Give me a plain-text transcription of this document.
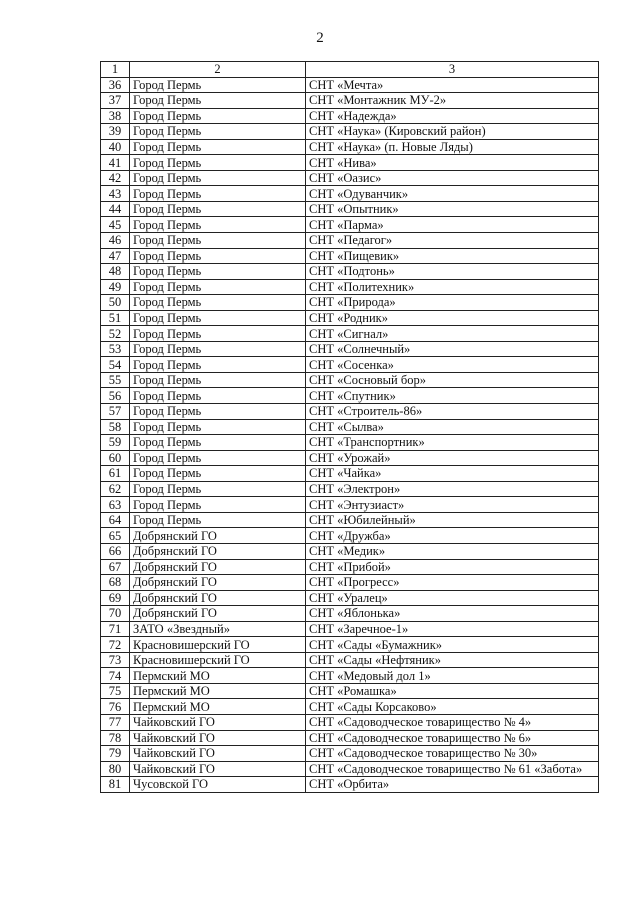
2
1	2	3
36	Город Пермь	СНТ «Мечта»
37	Город Пермь	СНТ «Монтажник МУ-2»
38	Город Пермь	СНТ «Надежда»
39	Город Пермь	СНТ «Наука» (Кировский район)
40	Город Пермь	СНТ «Наука» (п. Новые Ляды)
41	Город Пермь	СНТ «Нива»
42	Город Пермь	СНТ «Оазис»
43	Город Пермь	СНТ «Одуванчик»
44	Город Пермь	СНТ «Опытник»
45	Город Пермь	СНТ «Парма»
46	Город Пермь	СНТ «Педагог»
47	Город Пермь	СНТ «Пищевик»
48	Город Пермь	СНТ «Подтонь»
49	Город Пермь	СНТ «Политехник»
50	Город Пермь	СНТ «Природа»
51	Город Пермь	СНТ «Родник»
52	Город Пермь	СНТ «Сигнал»
53	Город Пермь	СНТ «Солнечный»
54	Город Пермь	СНТ «Сосенка»
55	Город Пермь	СНТ «Сосновый бор»
56	Город Пермь	СНТ «Спутник»
57	Город Пермь	СНТ «Строитель-86»
58	Город Пермь	СНТ «Сылва»
59	Город Пермь	СНТ «Транспортник»
60	Город Пермь	СНТ «Урожай»
61	Город Пермь	СНТ «Чайка»
62	Город Пермь	СНТ «Электрон»
63	Город Пермь	СНТ «Энтузиаст»
64	Город Пермь	СНТ «Юбилейный»
65	Добрянский ГО	СНТ «Дружба»
66	Добрянский ГО	СНТ «Медик»
67	Добрянский ГО	СНТ «Прибой»
68	Добрянский ГО	СНТ «Прогресс»
69	Добрянский ГО	СНТ «Уралец»
70	Добрянский ГО	СНТ «Яблонька»
71	ЗАТО «Звездный»	СНТ «Заречное-1»
72	Красновишерский ГО	СНТ «Сады «Бумажник»
73	Красновишерский ГО	СНТ «Сады «Нефтяник»
74	Пермский МО	СНТ «Медовый дол 1»
75	Пермский МО	СНТ «Ромашка»
76	Пермский МО	СНТ «Сады Корсаково»
77	Чайковский ГО	СНТ «Садоводческое товарищество № 4»
78	Чайковский ГО	СНТ «Садоводческое товарищество № 6»
79	Чайковский ГО	СНТ «Садоводческое товарищество № 30»
80	Чайковский ГО	СНТ «Садоводческое товарищество № 61 «Забота»
81	Чусовской ГО	СНТ «Орбита»
